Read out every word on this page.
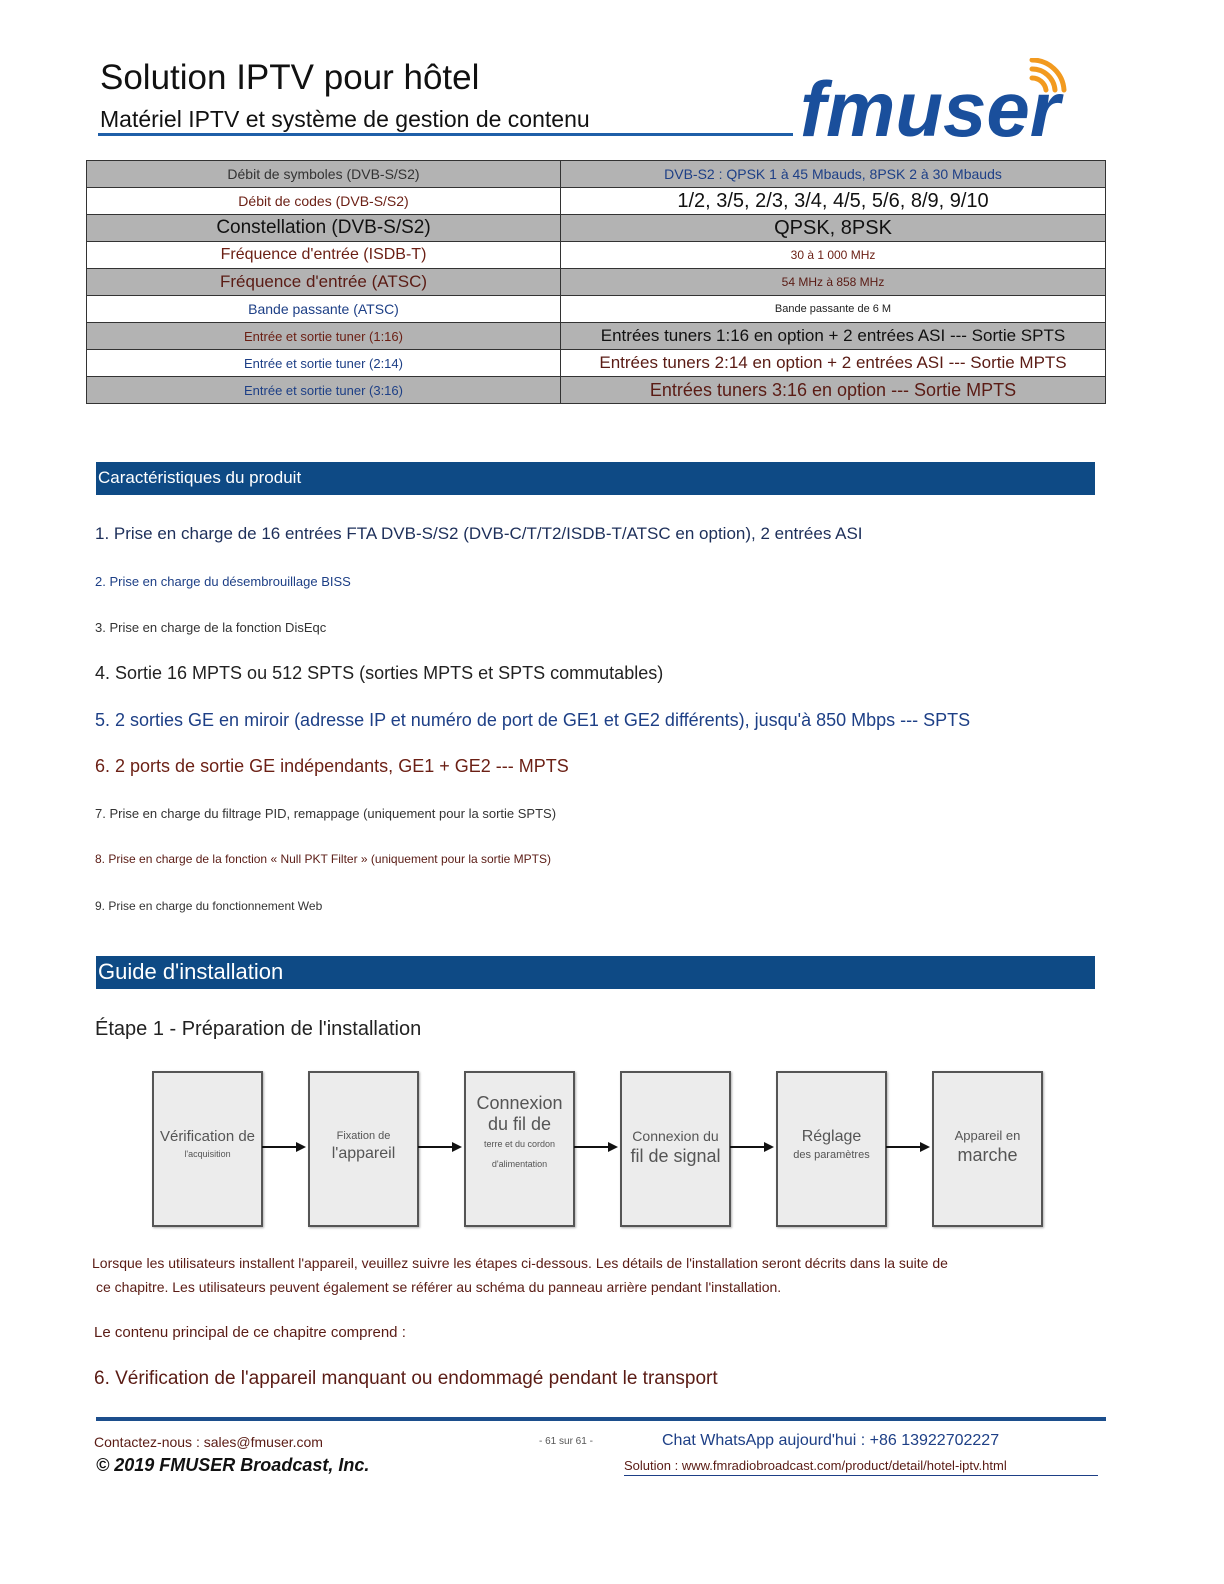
Solution IPTV pour hôtel
Matériel IPTV et système de gestion de contenu	fmuser
Débit de symboles (DVB-S/S2)	DVB-S2 : QPSK 1 à 45 Mbauds, 8PSK 2 à 30 Mbauds
Débit de codes (DVB-S/S2)	1/2, 3/5, 2/3, 3/4, 4/5, 5/6, 8/9, 9/10
Constellation (DVB-S/S2)	QPSK, 8PSK
Fréquence d'entrée (ISDB-T)	30 à 1 000 MHz
Fréquence d'entrée (ATSC)	54 MHz à 858 MHz
Bande passante (ATSC)	Bande passante de 6 M
Entrée et sortie tuner (1:16)	Entrées tuners 1:16 en option + 2 entrées ASI --- Sortie SPTS
Entrée et sortie tuner (2:14)	Entrées tuners 2:14 en option + 2 entrées ASI --- Sortie MPTS
Entrée et sortie tuner (3:16)	Entrées tuners 3:16 en option --- Sortie MPTS
Caractéristiques du produit
1. Prise en charge de 16 entrées FTA DVB-S/S2 (DVB-C/T/T2/ISDB-T/ATSC en option), 2 entrées ASI
2. Prise en charge du désembrouillage BISS
3. Prise en charge de la fonction DisEqc
4. Sortie 16 MPTS ou 512 SPTS (sorties MPTS et SPTS commutables)
5. 2 sorties GE en miroir (adresse IP et numéro de port de GE1 et GE2 différents), jusqu'à 850 Mbps --- SPTS
6. 2 ports de sortie GE indépendants, GE1 + GE2 --- MPTS
7. Prise en charge du filtrage PID, remappage (uniquement pour la sortie SPTS)
8. Prise en charge de la fonction « Null PKT Filter » (uniquement pour la sortie MPTS)
9. Prise en charge du fonctionnement Web
Guide d'installation
Étape 1 - Préparation de l'installation
Vérification de
l'acquisition
Fixation de
l'appareil
Connexion
du fil de
terre et du cordon
d'alimentation
Connexion du
fil de signal
Réglage
des paramètres
Appareil en
marche
Lorsque les utilisateurs installent l'appareil, veuillez suivre les étapes ci-dessous. Les détails de l'installation seront décrits dans la suite de
ce chapitre. Les utilisateurs peuvent également se référer au schéma du panneau arrière pendant l'installation.
Le contenu principal de ce chapitre comprend :
6. Vérification de l'appareil manquant ou endommagé pendant le transport
Contactez-nous : sales@fmuser.com	- 61 sur 61 -	Chat WhatsApp aujourd'hui : +86 13922702227
© 2019 FMUSER Broadcast, Inc.	Solution : www.fmradiobroadcast.com/product/detail/hotel-iptv.html
